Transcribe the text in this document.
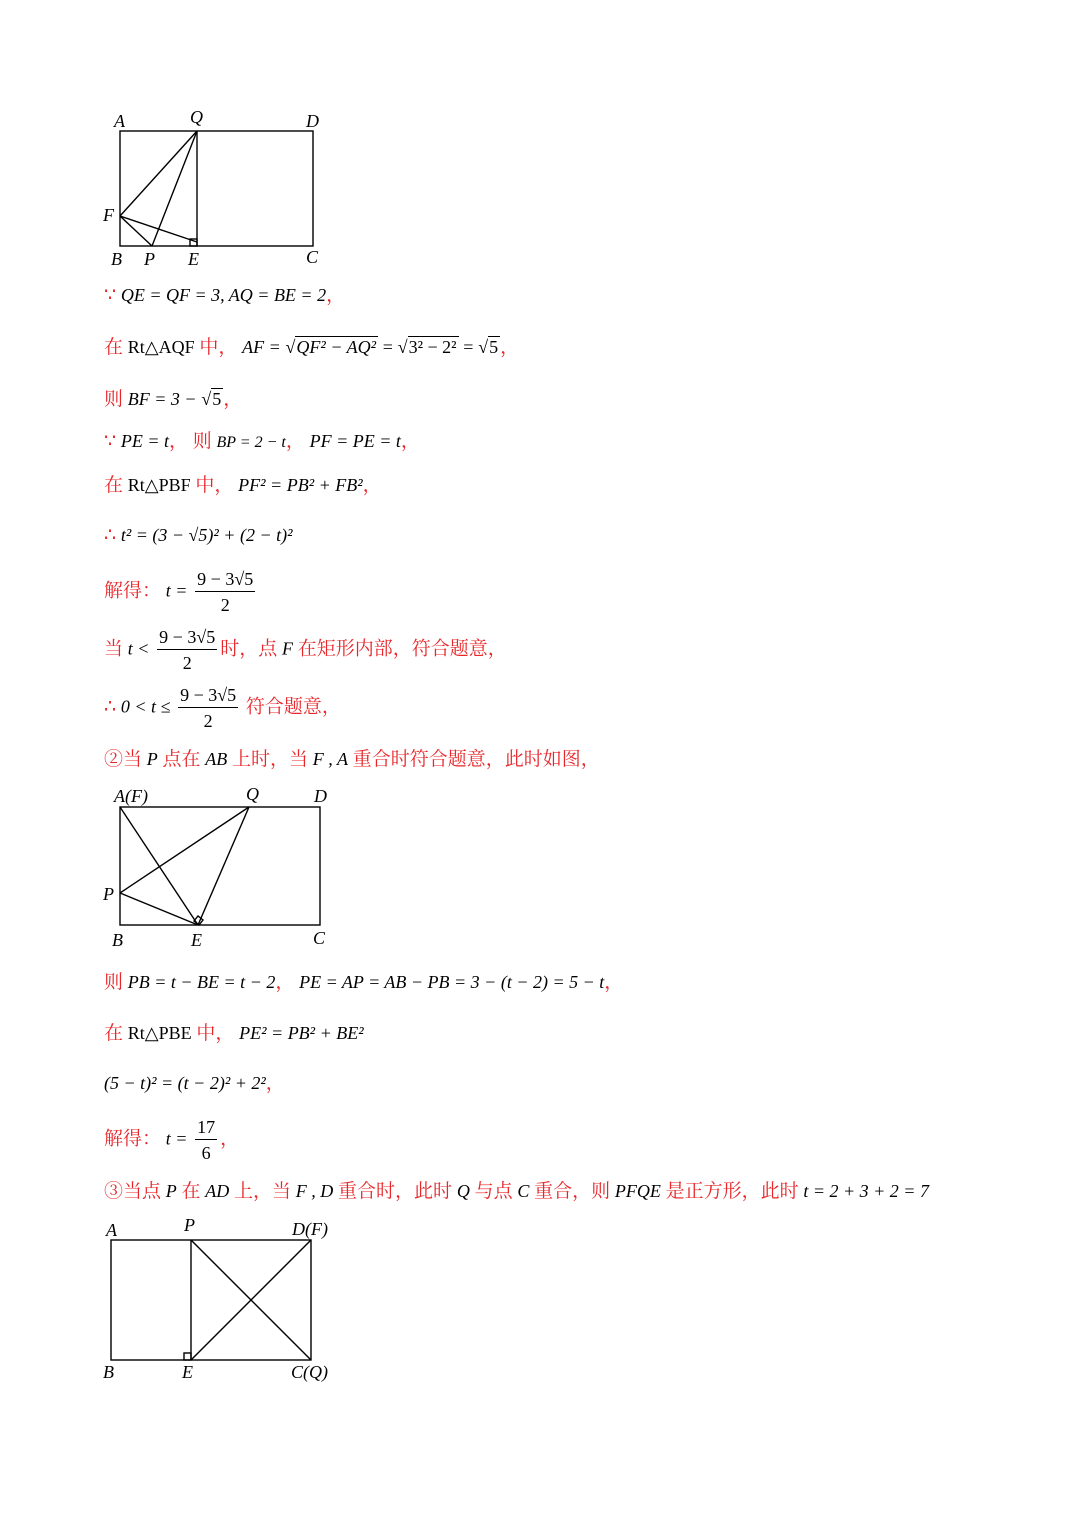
A	Q	D
F
B P E	C
A(F)	Q	D
P
B	E	C
A	P	D(F)
B	E	C(Q)
∵ QE = QF = 3, AQ = BE = 2，
在 Rt△AQF 中， AF = √QF² − AQ² = √3² − 2² = √5 ，
则 BF = 3 − √5 ，
∵ PE = t， 则 BP = 2 − t， PF = PE = t，
在 Rt△PBF 中， PF² = PB² + FB²，
∴ t² = (3 − √5)² + (2 − t)²
解得： $t = \frac{9 - 3√5}{2}$
当 $t < \frac{9 - 3√5}{2}$ 时，点 F 在矩形内部，符合题意，
∴ $0 < t \le \frac{9 - 3√5}{2}$ 符合题意，
②当 P 点在 AB 上时，当 F , A 重合时符合题意，此时如图，
则 PB = t − BE = t − 2， PE = AP = AB − PB = 3 − (t − 2) = 5 − t，
在 Rt△PBE 中， PE² = PB² + BE²
(5 − t)² = (t − 2)² + 2²，
解得： $t = \frac{17}{6}$ ，
③当点 P 在 AD 上，当 F , D 重合时，此时 Q 与点 C 重合，则 PFQE 是正方形，此时 t = 2 + 3 + 2 = 7
